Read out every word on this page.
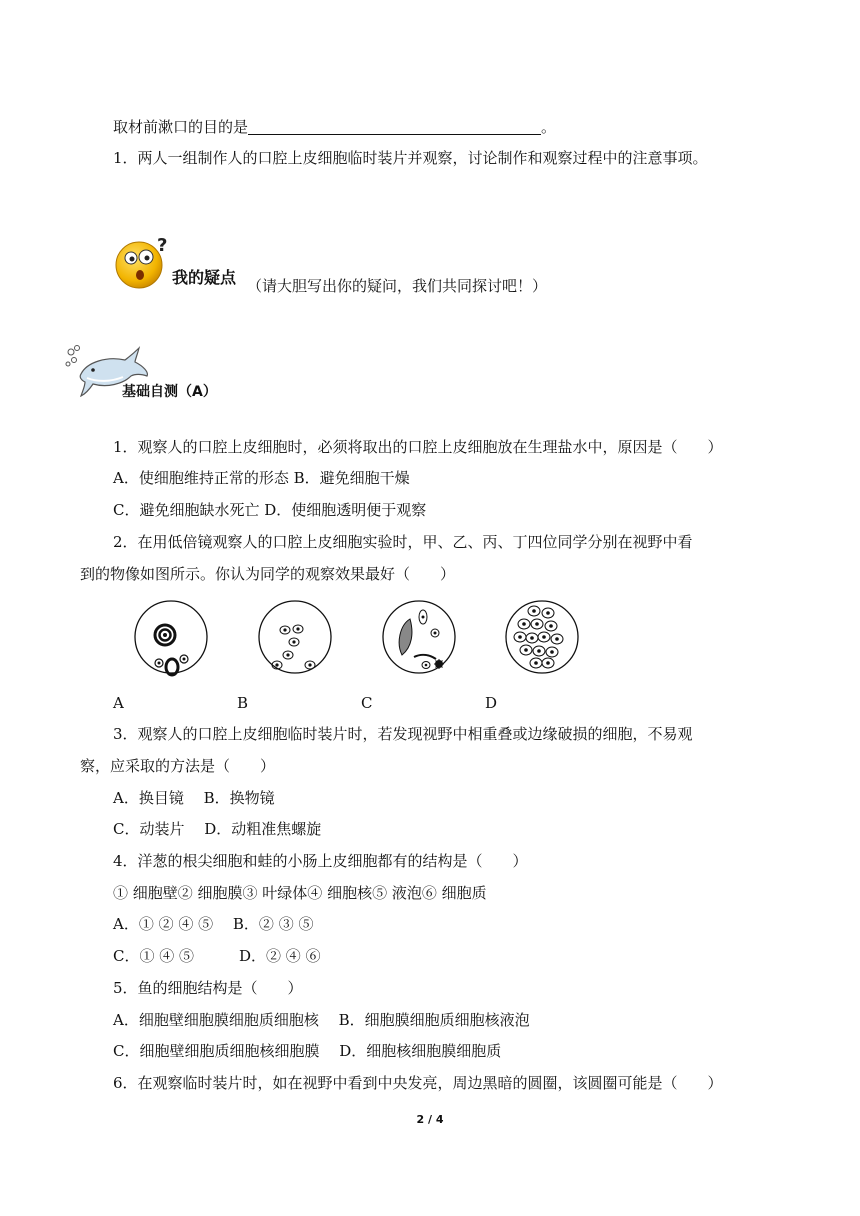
取材前漱口的目的是	。
1．两人一组制作人的口腔上皮细胞临时装片并观察，讨论制作和观察过程中的注意事项。
?
我的疑点 （请大胆写出你的疑问，我们共同探讨吧！）
基础自测（A）
1．观察人的口腔上皮细胞时，必须将取出的口腔上皮细胞放在生理盐水中，原因是（　　）
A．使细胞维持正常的形态 B．避免细胞干燥
C．避免细胞缺水死亡 D．使细胞透明便于观察
2．在用低倍镜观察人的口腔上皮细胞实验时，甲、乙、丙、丁四位同学分别在视野中看
到的物像如图所示。你认为同学的观察效果最好（　　）
A	B	C	D
3．观察人的口腔上皮细胞临时装片时，若发现视野中相重叠或边缘破损的细胞，不易观
察，应采取的方法是（　　）
A．换目镜　 B．换物镜
C．动装片　 D．动粗准焦螺旋
4．洋葱的根尖细胞和蛙的小肠上皮细胞都有的结构是（　　）
① 细胞壁② 细胞膜③ 叶绿体④ 细胞核⑤ 液泡⑥ 细胞质
A．① ② ④ ⑤　 B．② ③ ⑤
C．① ④ ⑤　　　D．② ④ ⑥
5．鱼的细胞结构是（　　）
A．细胞壁细胞膜细胞质细胞核　 B．细胞膜细胞质细胞核液泡
C．细胞壁细胞质细胞核细胞膜　 D．细胞核细胞膜细胞质
6．在观察临时装片时，如在视野中看到中央发亮，周边黑暗的圆圈，该圆圈可能是（　　）
2 / 4
